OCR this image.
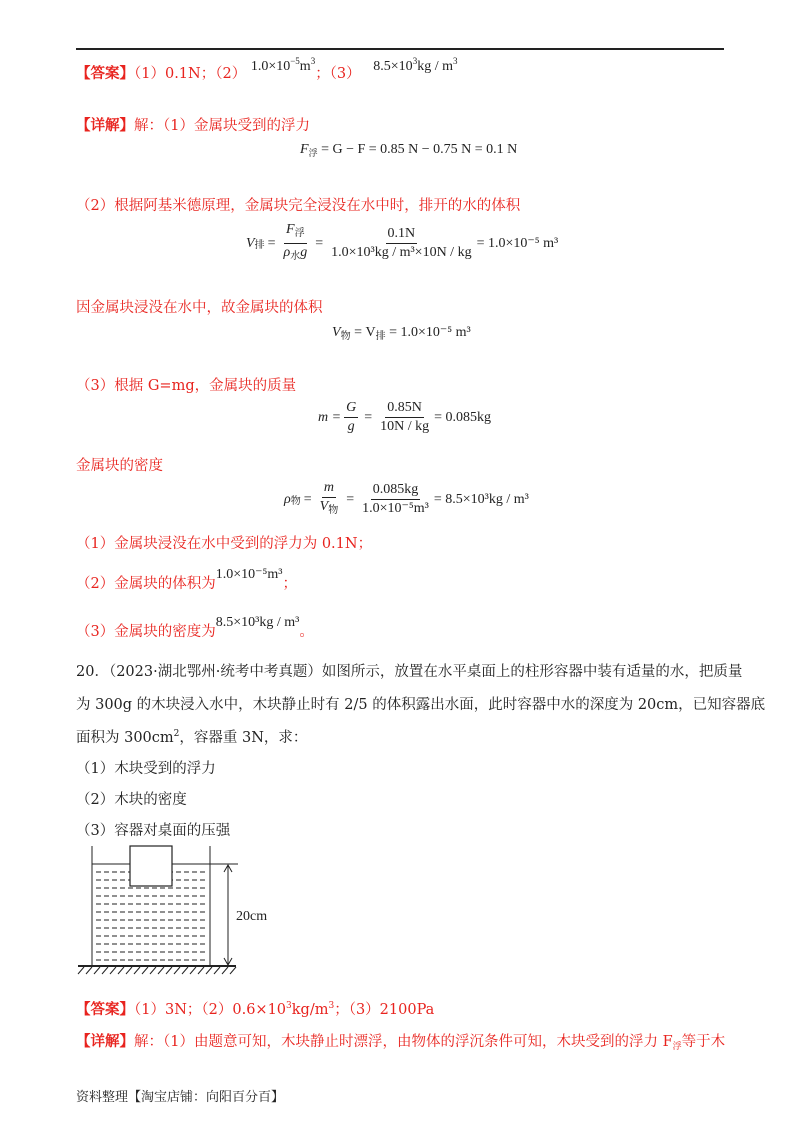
【答案】（1）0.1N；（2） $1.0\times 10^{-5}m^3$；（3） $8.5\times 10^3kg / m^3$
【详解】解：（1）金属块受到的浮力
$F_浮 = G - F = 0.85$ N − 0.75 N = 0.1 N
（2）根据阿基米德原理，金属块完全浸没在水中时，排开的水的体积
V 排 = $\frac{F_浮}{\rho_水g} = \frac{0.1N}{\text{1.0×10³kg / m³×10N / kg}} = 1.0\times 10^{-5}$ m³
因金属块浸没在水中，故金属块的体积
$V_物 = V_排 = 1.0\times 10^{-5}$ m³
（3）根据 G=mg，金属块的质量
$m = \frac{G}{g} = \frac{0.85N}{10N / kg} = 0.085kg$
金属块的密度
ρ 物 = $\frac{m}{V_物} = \frac{0.085kg}{\text{1.0×10⁻⁵m³}} = 8.5\times 10^3kg / m^3$
（1）金属块浸没在水中受到的浮力为 0.1N；
（2）金属块的体积为1.0×10⁻⁵m³；
（3）金属块的密度为8.5×10³kg / m³。
20．（2023·湖北鄂州·统考中考真题）如图所示，放置在水平桌面上的柱形容器中装有适量的水，把质量
为 300g 的木块浸入水中，木块静止时有 2/5 的体积露出水面，此时容器中水的深度为 20cm，已知容器底
面积为 $300cm^2$，容器重 3N，求：
（1）木块受到的浮力
（2）木块的密度
（3）容器对桌面的压强
20cm
【答案】（1）3N；$(2)0.6\times 10^3kg/m^3$；（3）2100Pa
【详解】解：（1）由题意可知，木块静止时漂浮，由物体的浮沉条件可知，木块受到的浮力 $F_浮$等于木
资料整理【淘宝店铺：向阳百分百】
